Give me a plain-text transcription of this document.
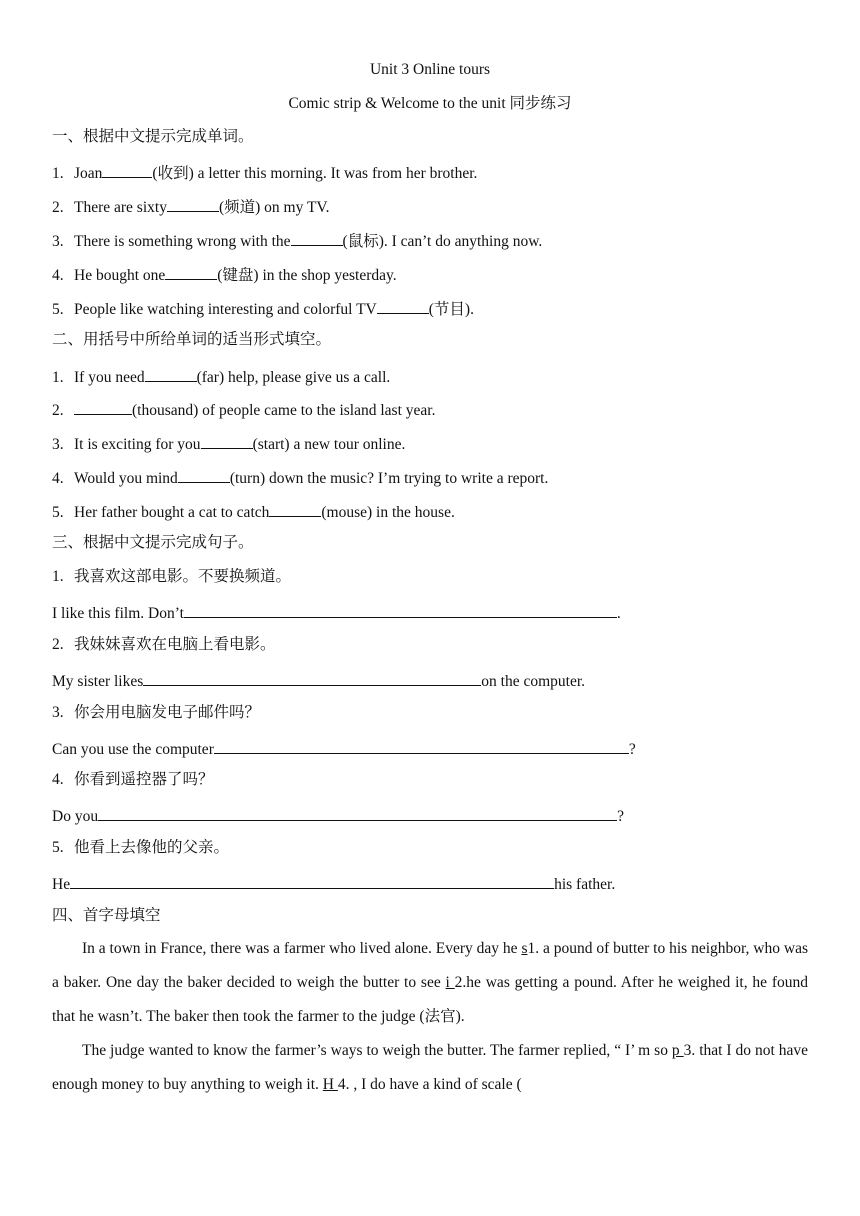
Unit 3 Online tours
Comic strip & Welcome to the unit 同步练习
一、根据中文提示完成单词。
1. Joan	(收到) a letter this morning. It was from her brother.
2. There are sixty	(频道) on my TV.
3. There is something wrong with the	(鼠标). I can’t do anything now.
4. He bought one	(键盘) in the shop yesterday.
5. People like watching interesting and colorful TV	(节目).
二、用括号中所给单词的适当形式填空。
1. If you need	(far) help, please give us a call.
2.	(thousand) of people came to the island last year.
3. It is exciting for you	(start) a new tour online.
4. Would you mind	(turn) down the music? I’m trying to write a report.
5. Her father bought a cat to catch	(mouse) in the house.
三、根据中文提示完成句子。
1. 我喜欢这部电影。不要换频道。
I like this film. Don’t	.
2. 我妹妹喜欢在电脑上看电影。
My sister likes	on the computer.
3. 你会用电脑发电子邮件吗？
Can you use the computer	?
4. 你看到遥控器了吗？
Do you	?
5. 他看上去像他的父亲。
He	his father.
四、首字母填空
In a town in France, there was a farmer who lived alone. Every day he s1. a pound of butter to his neighbor, who was a baker. One day the baker decided to weigh the butter to see i 2.he was getting a pound. After he weighed it, he found that he wasn’t. The baker then took the farmer to the judge (法官).
The judge wanted to know the farmer’s ways to weigh the butter. The farmer replied, “ I’ m so p 3. that I do not have enough money to buy anything to weigh it. H 4. , I do have a kind of scale (
